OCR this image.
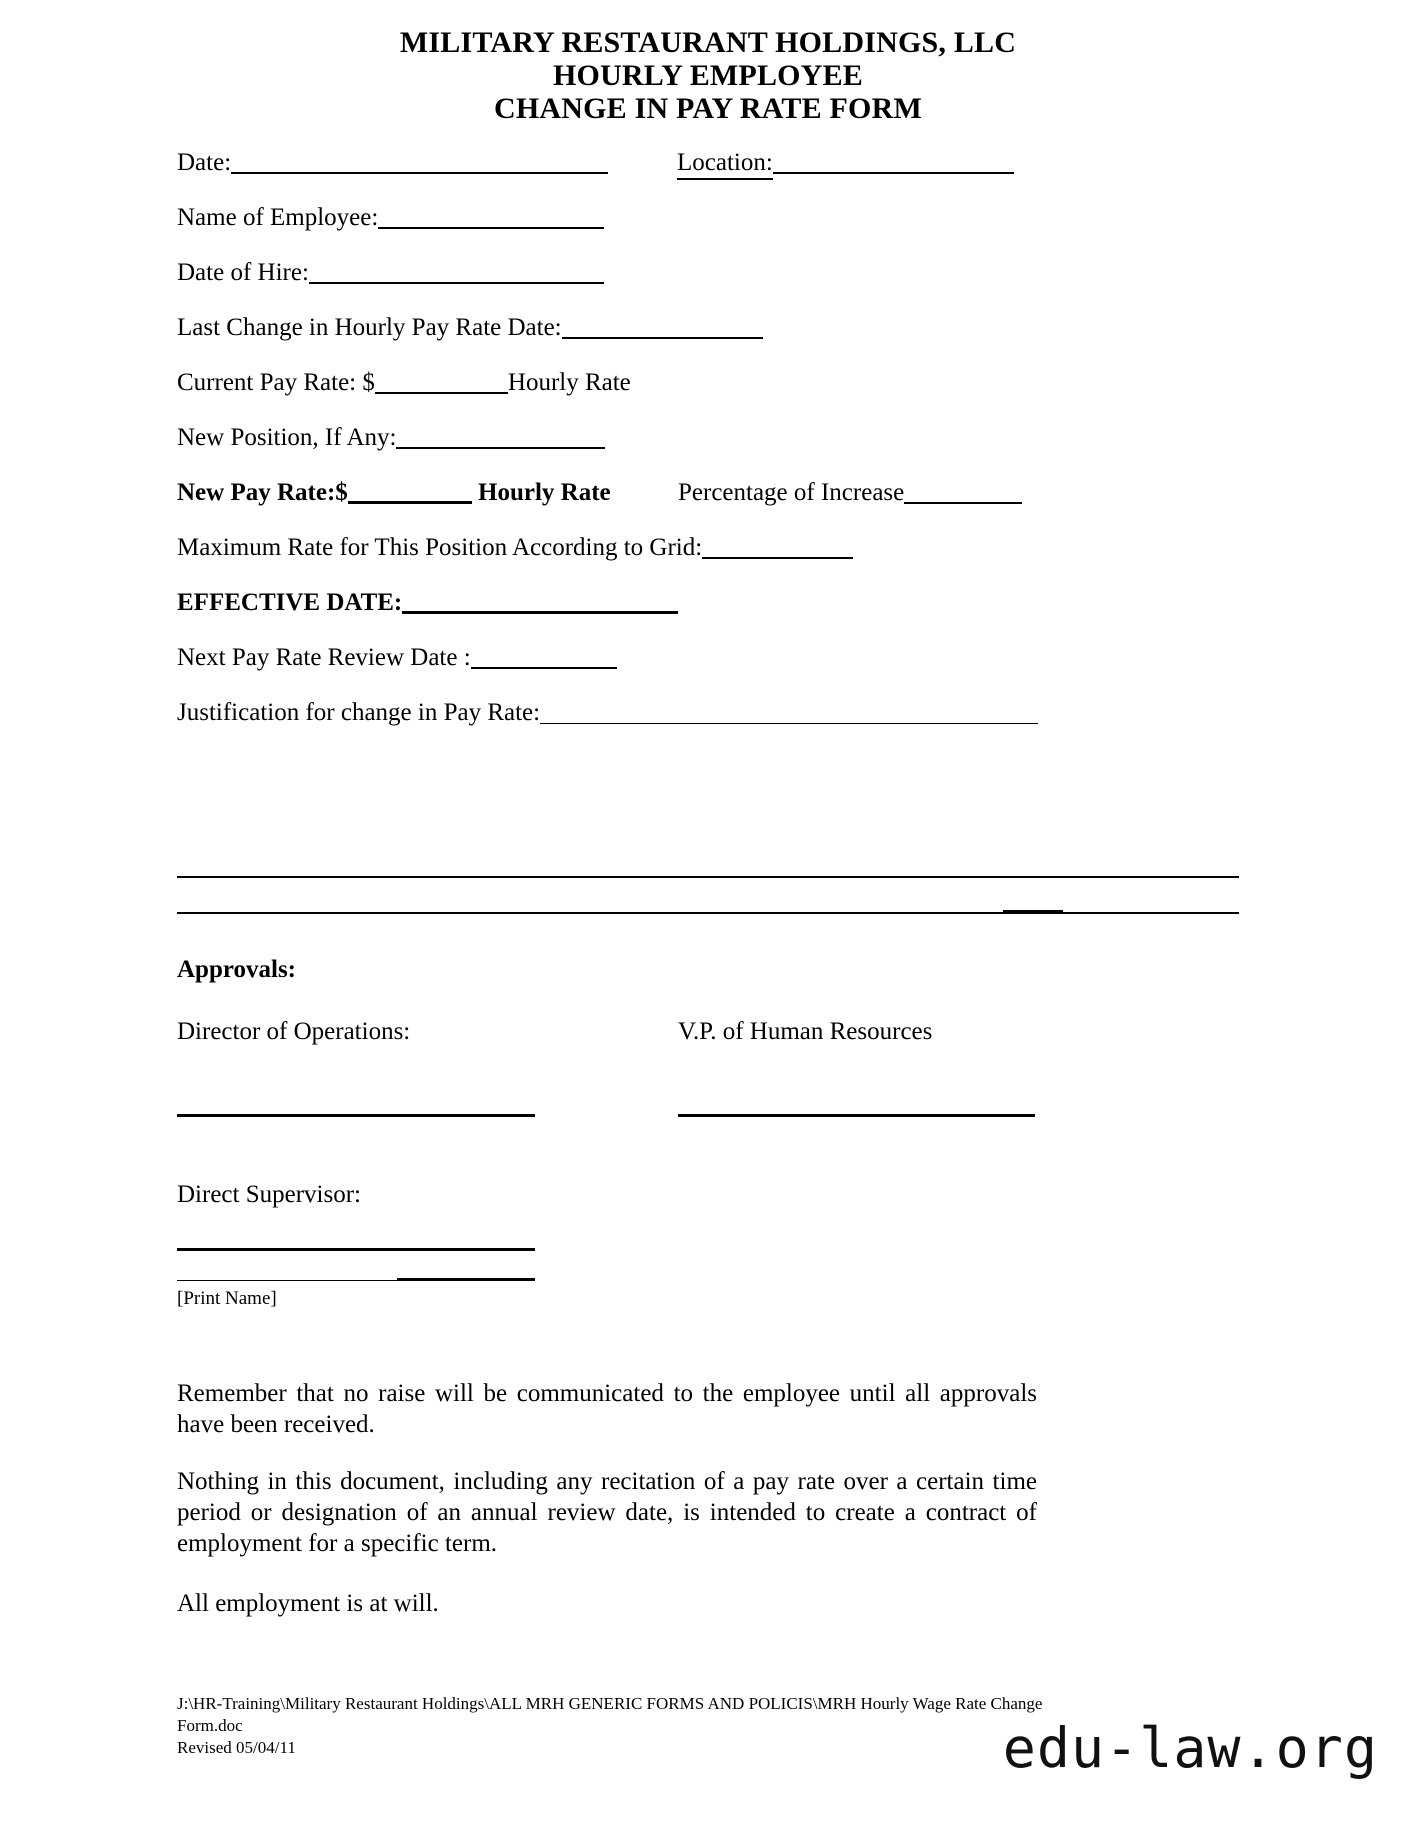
MILITARY RESTAURANT HOLDINGS, LLC
HOURLY EMPLOYEE
CHANGE IN PAY RATE FORM
Date:	Location:
Name of Employee:
Date of Hire:
Last Change in Hourly Pay Rate Date:
Current Pay Rate: $	Hourly Rate
New Position, If Any:
New Pay Rate:$	Hourly Rate	Percentage of Increase
Maximum Rate for This Position According to Grid:
EFFECTIVE DATE:
Next Pay Rate Review Date :
Justification for change in Pay Rate:
Approvals:
Director of Operations:	V.P. of Human Resources
Direct Supervisor:
[Print Name]
Remember that no raise will be communicated to the employee until all approvals have been received.
Nothing in this document, including any recitation of a pay rate over a certain time period or designation of an annual review date, is intended to create a contract of employment for a specific term.
All employment is at will.
J:\HR-Training\Military Restaurant Holdings\ALL MRH GENERIC FORMS AND POLICIS\MRH Hourly Wage Rate Change
Form.doc
Revised 05/04/11	edu-law.org
